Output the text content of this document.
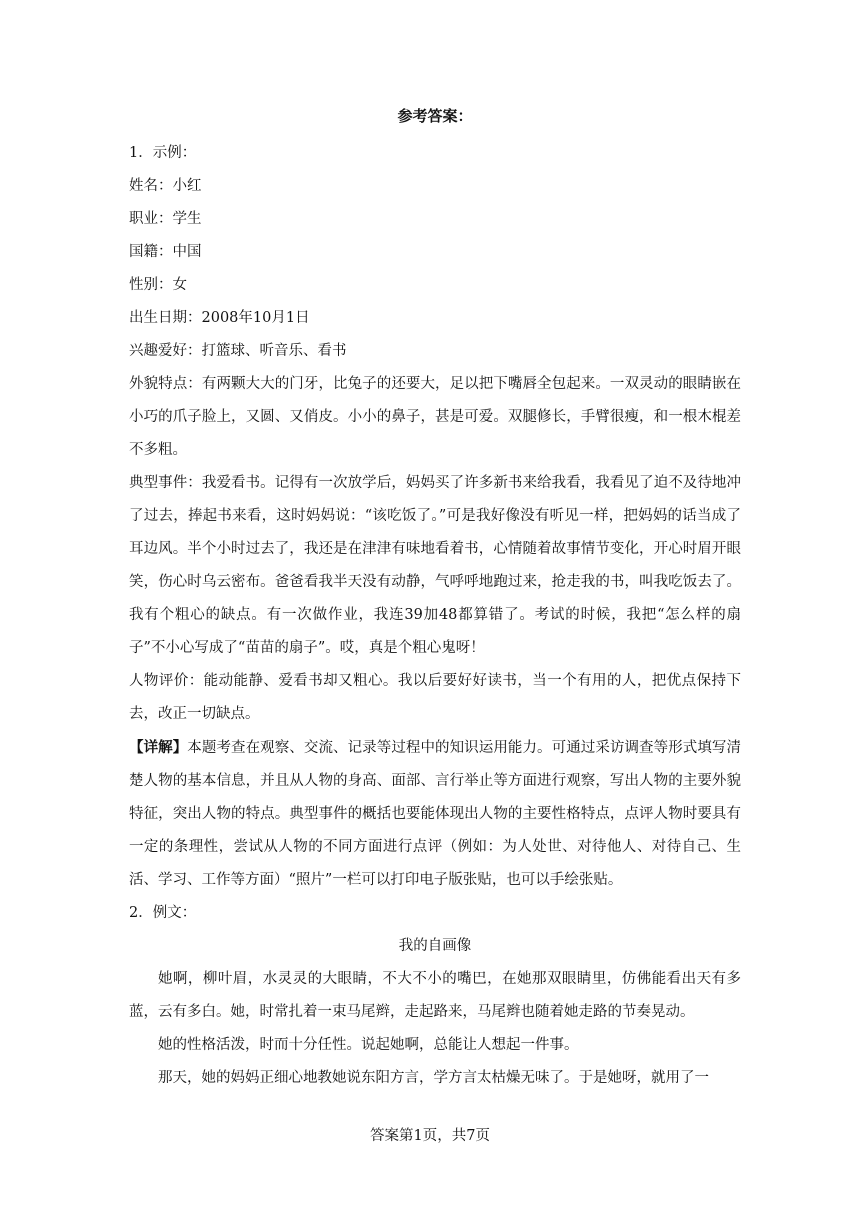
参考答案：

1．示例：

姓名：小红

职业：学生

国籍：中国

性别：女

出生日期：2008年10月1日

兴趣爱好：打篮球、听音乐、看书

外貌特点：有两颗大大的门牙，比兔子的还要大，足以把下嘴唇全包起来。一双灵动的眼睛嵌在小巧的爪子脸上，又圆、又俏皮。小小的鼻子，甚是可爱。双腿修长，手臂很瘦，和一根木棍差不多粗。

典型事件：我爱看书。记得有一次放学后，妈妈买了许多新书来给我看，我看见了迫不及待地冲了过去，捧起书来看，这时妈妈说：“该吃饭了。”可是我好像没有听见一样，把妈妈的话当成了耳边风。半个小时过去了，我还是在津津有味地看着书，心情随着故事情节变化，开心时眉开眼笑，伤心时乌云密布。爸爸看我半天没有动静，气呼呼地跑过来，抢走我的书，叫我吃饭去了。我有个粗心的缺点。有一次做作业，我连39加48都算错了。考试的时候，我把“怎么样的扇子”不小心写成了“苗苗的扇子”。哎，真是个粗心鬼呀！

人物评价：能动能静、爱看书却又粗心。我以后要好好读书，当一个有用的人，把优点保持下去，改正一切缺点。

【详解】本题考查在观察、交流、记录等过程中的知识运用能力。可通过采访调查等形式填写清楚人物的基本信息，并且从人物的身高、面部、言行举止等方面进行观察，写出人物的主要外貌特征，突出人物的特点。典型事件的概括也要能体现出人物的主要性格特点，点评人物时要具有一定的条理性，尝试从人物的不同方面进行点评（例如：为人处世、对待他人、对待自己、生活、学习、工作等方面）“照片”一栏可以打印电子版张贴，也可以手绘张贴。

2．例文：

我的自画像

她啊，柳叶眉，水灵灵的大眼睛，不大不小的嘴巴，在她那双眼睛里，仿佛能看出天有多蓝，云有多白。她，时常扎着一束马尾辫，走起路来，马尾辫也随着她走路的节奏晃动。

她的性格活泼，时而十分任性。说起她啊，总能让人想起一件事。

那天，她的妈妈正细心地教她说东阳方言，学方言太枯燥无味了。于是她呀，就用了一

答案第1页，共7页
